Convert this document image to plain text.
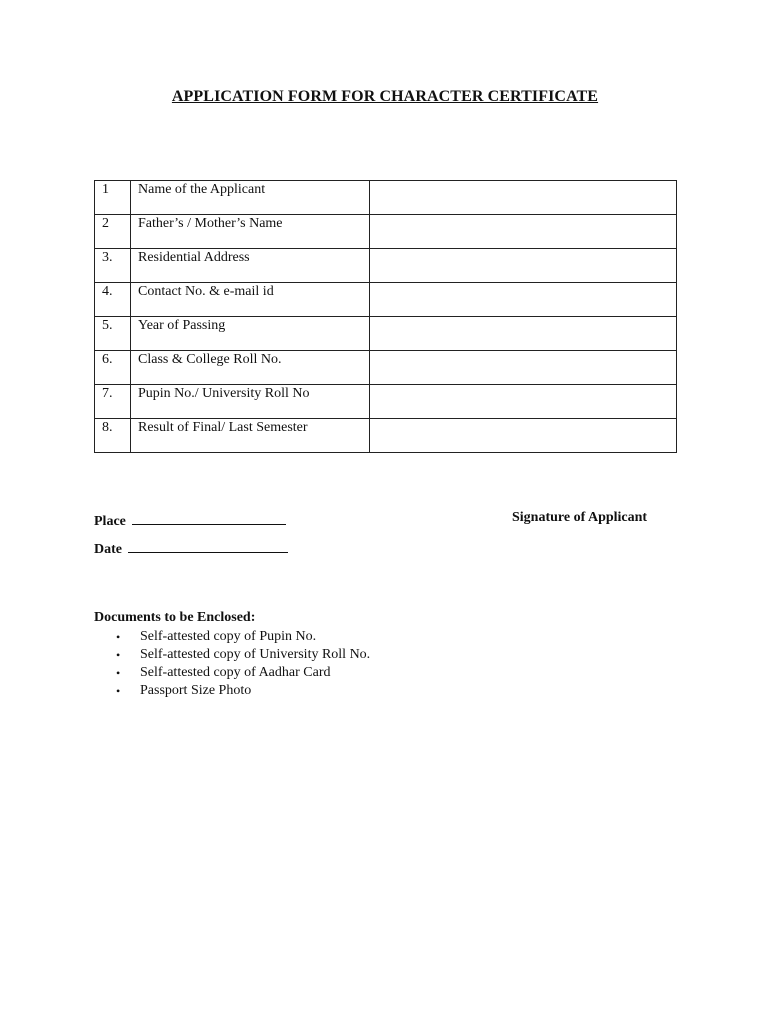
APPLICATION FORM FOR CHARACTER CERTIFICATE
1	Name of the Applicant	

2	Father’s / Mother’s Name	

3.	Residential Address	

4.	Contact No. & e-mail id	

5.	Year of Passing	

6.	Class & College Roll No.	

7.	Pupin No./ University Roll No	

8.	Result of Final/ Last Semester	

Place
Date
Signature of Applicant
Documents to be Enclosed:
• Self-attested copy of Pupin No.
• Self-attested copy of University Roll No.
• Self-attested copy of Aadhar Card
• Passport Size Photo
